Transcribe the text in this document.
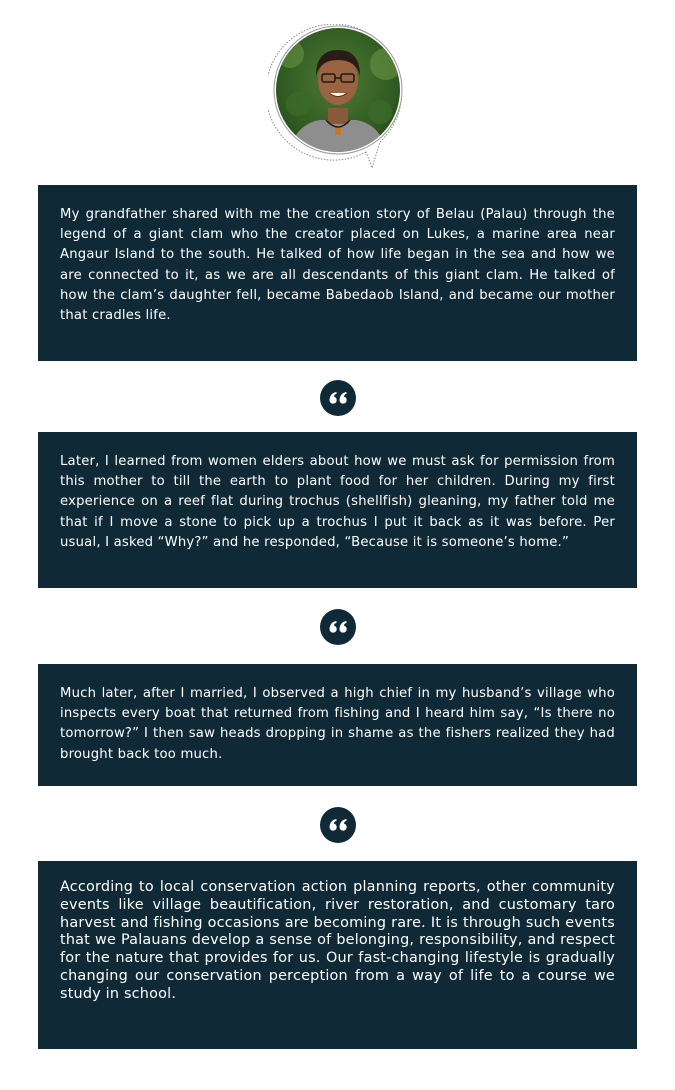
My grandfather shared with me the creation story of Belau (Palau) through the legend of a giant clam who the creator placed on Lukes, a marine area near Angaur Island to the south. He talked of how life began in the sea and how we are connected to it, as we are all descendants of this giant clam. He talked of how the clam’s daughter fell, became Babedaob Island, and became our mother that cradles life.

Later, I learned from women elders about how we must ask for permission from this mother to till the earth to plant food for her children. During my first experience on a reef flat during trochus (shellfish) gleaning, my father told me that if I move a stone to pick up a trochus I put it back as it was before. Per usual, I asked “Why?” and he responded, “Because it is someone’s home.”

Much later, after I married, I observed a high chief in my husband’s village who inspects every boat that returned from fishing and I heard him say, “Is there no tomorrow?” I then saw heads dropping in shame as the fishers realized they had brought back too much.

According to local conservation action planning reports, other community events like village beautification, river restoration, and customary taro harvest and fishing occasions are becoming rare. It is through such events that we Palauans develop a sense of belonging, responsibility, and respect for the nature that provides for us. Our fast-changing lifestyle is gradually changing our conservation perception from a way of life to a course we study in school.
